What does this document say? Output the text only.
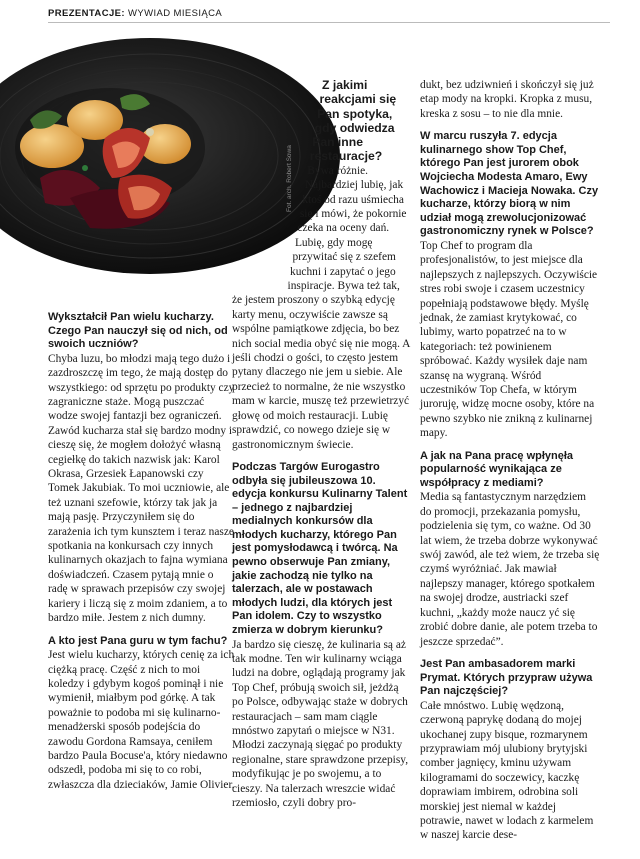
PREZENTACJE: WYWIAD MIESIĄCA
Fot. arch. Robert Sowa

Z jakimi reakcjami się Pan spotyka, gdy odwiedza Pan inne restauracje?

Bywa różnie. Najbardziej lubię, jak ktoś od razu uśmiecha się i mówi, że pokornie czeka na oceny dań. Lubię, gdy mogę przywitać się z szefem kuchni i zapytać o jego inspiracje. Bywa też tak, że jestem proszony o szybką edycję karty menu, oczywiście zawsze są wspólne pamiątkowe zdjęcia, bo bez nich social media obyć się nie mogą. A jeśli chodzi o gości, to często jestem pytany dlaczego nie jem u siebie. Ale przecież to normalne, że nie wszystko mam w karcie, muszę też przewietrzyć głowę od moich restauracji. Lubię sprawdzić, co nowego dzieje się w gastronomicznym świecie.

Podczas Targów Eurogastro odbyła się jubileuszowa 10. edycja konkursu Kulinarny Talent – jednego z najbardziej medialnych konkursów dla młodych kucharzy, którego Pan jest pomysłodawcą i twórcą. Na pewno obserwuje Pan zmiany, jakie zachodzą nie tylko na talerzach, ale w postawach młodych ludzi, dla których jest Pan idolem. Czy to wszystko zmierza w dobrym kierunku?

Ja bardzo się cieszę, że kulinaria są aż tak modne. Ten wir kulinarny wciąga ludzi na dobre, oglądają programy jak Top Chef, próbują swoich sił, jeżdżą po Polsce, odbywając staże w dobrych restauracjach – sam mam ciągle mnóstwo zapytań o miejsce w N31. Młodzi zaczynają sięgać po produkty regionalne, stare sprawdzone przepisy, modyfikując je po swojemu, a to cieszy. Na talerzach wreszcie widać rzemiosło, czyli dobry pro-

Wykształcił Pan wielu kucharzy. Czego Pan nauczył się od nich, od swoich uczniów?

Chyba luzu, bo młodzi mają tego dużo i zazdroszczę im tego, że mają dostęp do wszystkiego: od sprzętu po produkty czy zagraniczne staże. Mogą puszczać wodze swojej fantazji bez ograniczeń. Zawód kucharza stał się bardzo modny i cieszę się, że mogłem dołożyć własną cegiełkę do takich nazwisk jak: Karol Okrasa, Grzesiek Łapanowski czy Tomek Jakubiak. To moi uczniowie, ale też uznani szefowie, którzy tak jak ja mają pasję. Przyczyniłem się do zarażenia ich tym kunsztem i teraz nasze spotkania na konkursach czy innych kulinarnych okazjach to fajna wymiana doświadczeń. Czasem pytają mnie o radę w sprawach przepisów czy swojej kariery i liczą się z moim zdaniem, a to bardzo miłe. Jestem z nich dumny.

A kto jest Pana guru w tym fachu?

Jest wielu kucharzy, których cenię za ich ciężką pracę. Część z nich to moi koledzy i gdybym kogoś pominął i nie wymienił, miałbym pod górkę. A tak poważnie to podoba mi się kulinarno-menadżerski sposób podejścia do zawodu Gordona Ramsaya, ceniłem bardzo Paula Bocuse'a, który niedawno odszedł, podoba mi się to co robi, zwłaszcza dla dzieciaków, Jamie Olivier.

dukt, bez udziwnień i skończył się już etap mody na kropki. Kropka z musu, kreska z sosu – to nie dla mnie.

W marcu ruszyła 7. edycja kulinarnego show Top Chef, którego Pan jest jurorem obok Wojciecha Modesta Amaro, Ewy Wachowicz i Macieja Nowaka. Czy kucharze, którzy biorą w nim udział mogą zrewolucjonizować gastronomiczny rynek w Polsce?

Top Chef to program dla profesjonalistów, to jest miejsce dla najlepszych z najlepszych. Oczywiście stres robi swoje i czasem uczestnicy popełniają podstawowe błędy. Myślę jednak, że zamiast krytykować, co lubimy, warto popatrzeć na to w kategoriach: też powinienem spróbować. Każdy wysiłek daje nam szansę na wygraną. Wśród uczestników Top Chefa, w którym juroruję, widzę mocne osoby, które na pewno szybko nie znikną z kulinarnej mapy.

A jak na Pana pracę wpłynęła popularność wynikająca ze współpracy z mediami?

Media są fantastycznym narzędziem do promocji, przekazania pomysłu, podzielenia się tym, co ważne. Od 30 lat wiem, że trzeba dobrze wykonywać swój zawód, ale też wiem, że trzeba się czymś wyróżniać. Jak mawiał najlepszy manager, którego spotkałem na swojej drodze, austriacki szef kuchni, „każdy może naucz yć się zrobić dobre danie, ale potem trzeba to jeszcze sprzedać”.

Jest Pan ambasadorem marki Prymat. Których przypraw używa Pan najczęściej?

Całe mnóstwo. Lubię wędzoną, czerwoną paprykę dodaną do mojej ukochanej zupy bisque, rozmarynem przyprawiam mój ulubiony brytyjski comber jagnięcy, kminu używam kilogramami do soczewicy, kaczkę doprawiam imbirem, odrobina soli morskiej jest niemal w każdej potrawie, nawet w lodach z karmelem w naszej karcie dese-
